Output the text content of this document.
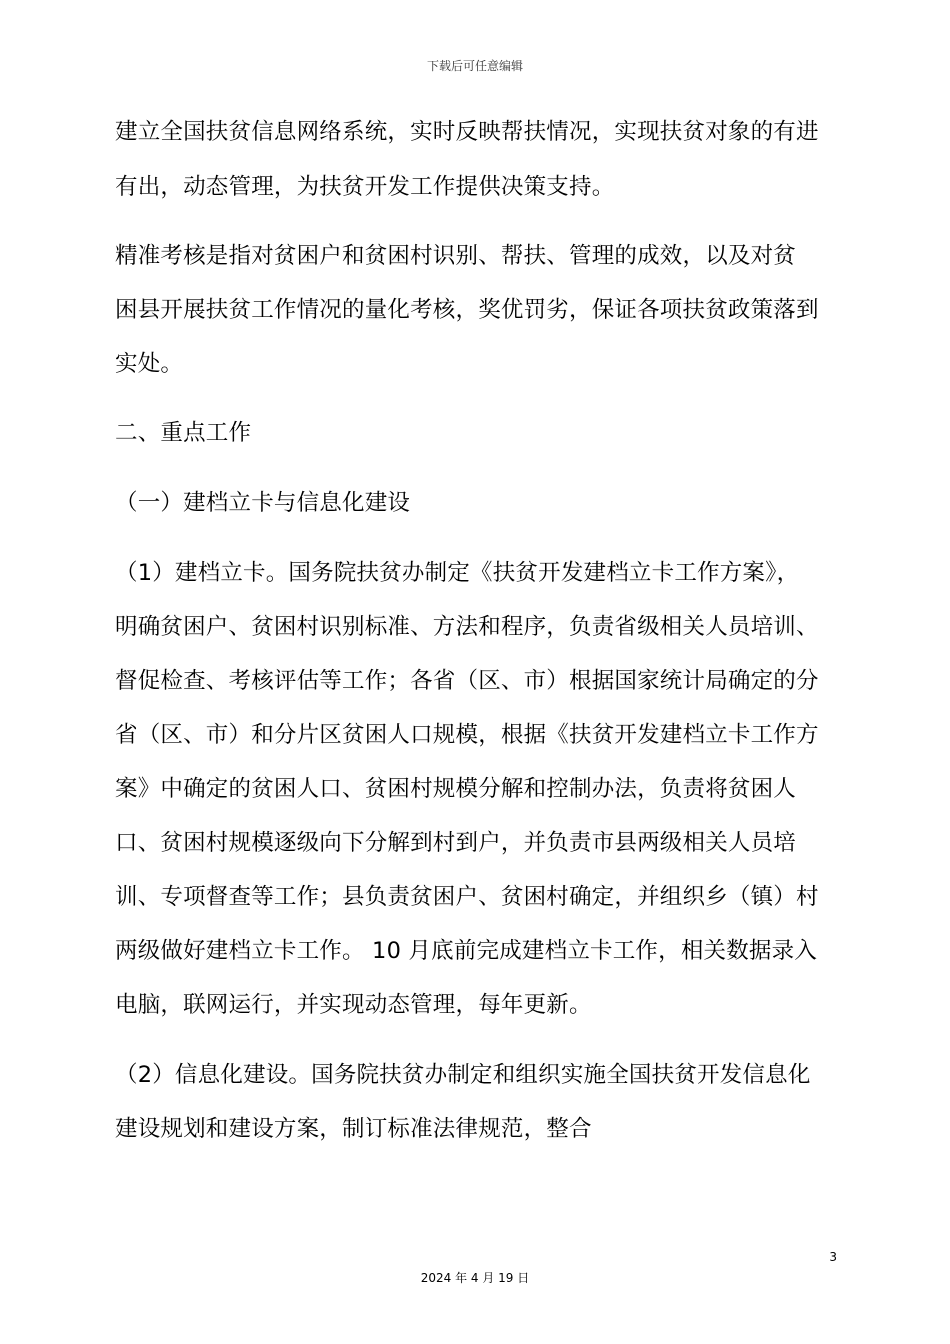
下载后可任意编辑
建立全国扶贫信息网络系统，实时反映帮扶情况，实现扶贫对象的有进
有出，动态管理，为扶贫开发工作提供决策支持。
精准考核是指对贫困户和贫困村识别、帮扶、管理的成效，以及对贫
困县开展扶贫工作情况的量化考核，奖优罚劣，保证各项扶贫政策落到
实处。
二、重点工作
（一）建档立卡与信息化建设
（1）建档立卡。国务院扶贫办制定《扶贫开发建档立卡工作方案》，
明确贫困户、贫困村识别标准、方法和程序，负责省级相关人员培训、
督促检查、考核评估等工作；各省（区、市）根据国家统计局确定的分
省（区、市）和分片区贫困人口规模，根据《扶贫开发建档立卡工作方
案》中确定的贫困人口、贫困村规模分解和控制办法，负责将贫困人
口、贫困村规模逐级向下分解到村到户，并负责市县两级相关人员培
训、专项督查等工作；县负责贫困户、贫困村确定，并组织乡（镇）村
两级做好建档立卡工作。 10 月底前完成建档立卡工作，相关数据录入
电脑，联网运行，并实现动态管理，每年更新。
（2）信息化建设。国务院扶贫办制定和组织实施全国扶贫开发信息化
建设规划和建设方案，制订标准法律规范，整合
3
2024 年 4 月 19 日
